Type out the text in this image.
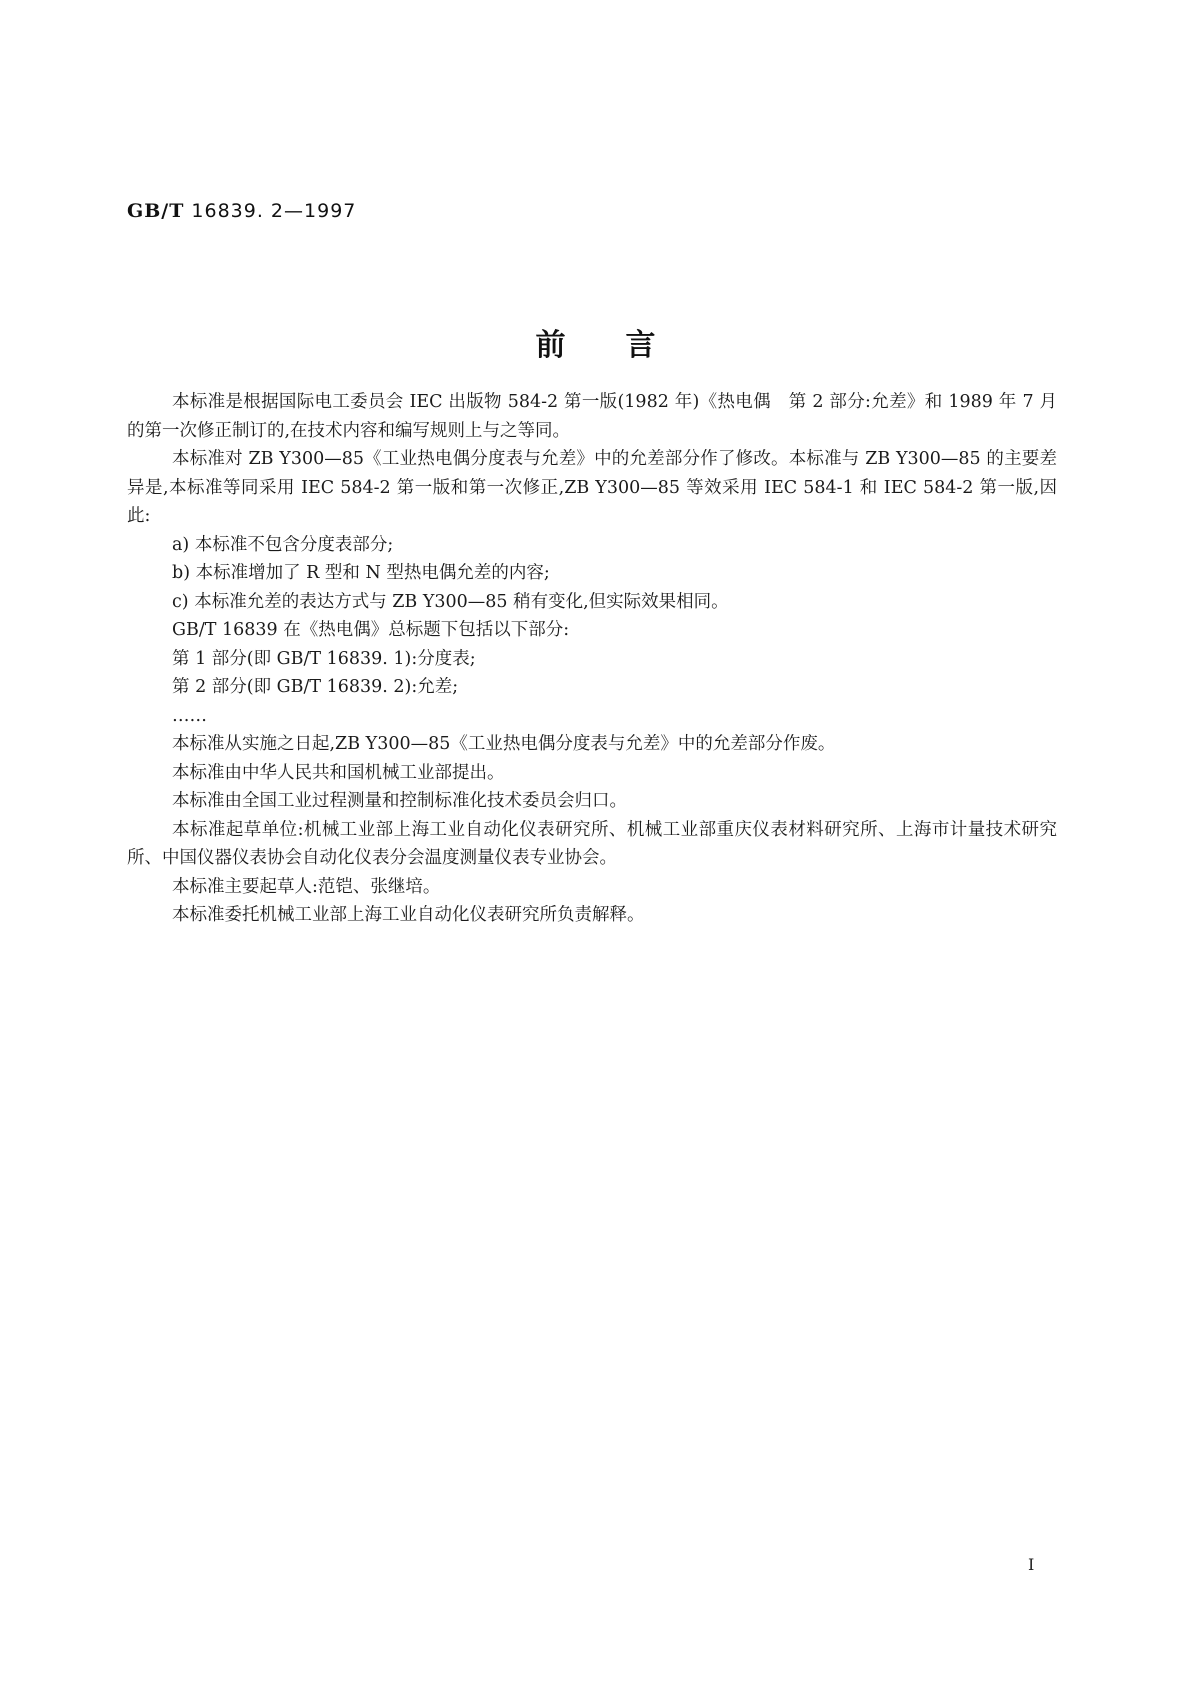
GB/T 16839. 2—1997
前言

本标准是根据国际电工委员会 IEC 出版物 584-2 第一版(1982 年)《热电偶　第 2 部分:允差》和 1989 年 7 月的第一次修正制订的,在技术内容和编写规则上与之等同。

本标准对 ZB Y300—85《工业热电偶分度表与允差》中的允差部分作了修改。本标准与 ZB Y300—85 的主要差异是,本标准等同采用 IEC 584-2 第一版和第一次修正,ZB Y300—85 等效采用 IEC 584-1 和 IEC 584-2 第一版,因此:

a) 本标准不包含分度表部分;

b) 本标准增加了 R 型和 N 型热电偶允差的内容;

c) 本标准允差的表达方式与 ZB Y300—85 稍有变化,但实际效果相同。

GB/T 16839 在《热电偶》总标题下包括以下部分:

第 1 部分(即 GB/T 16839. 1):分度表;

第 2 部分(即 GB/T 16839. 2):允差;

……

本标准从实施之日起,ZB Y300—85《工业热电偶分度表与允差》中的允差部分作废。

本标准由中华人民共和国机械工业部提出。

本标准由全国工业过程测量和控制标准化技术委员会归口。

本标准起草单位:机械工业部上海工业自动化仪表研究所、机械工业部重庆仪表材料研究所、上海市计量技术研究所、中国仪器仪表协会自动化仪表分会温度测量仪表专业协会。

本标准主要起草人:范铠、张继培。

本标准委托机械工业部上海工业自动化仪表研究所负责解释。

I
